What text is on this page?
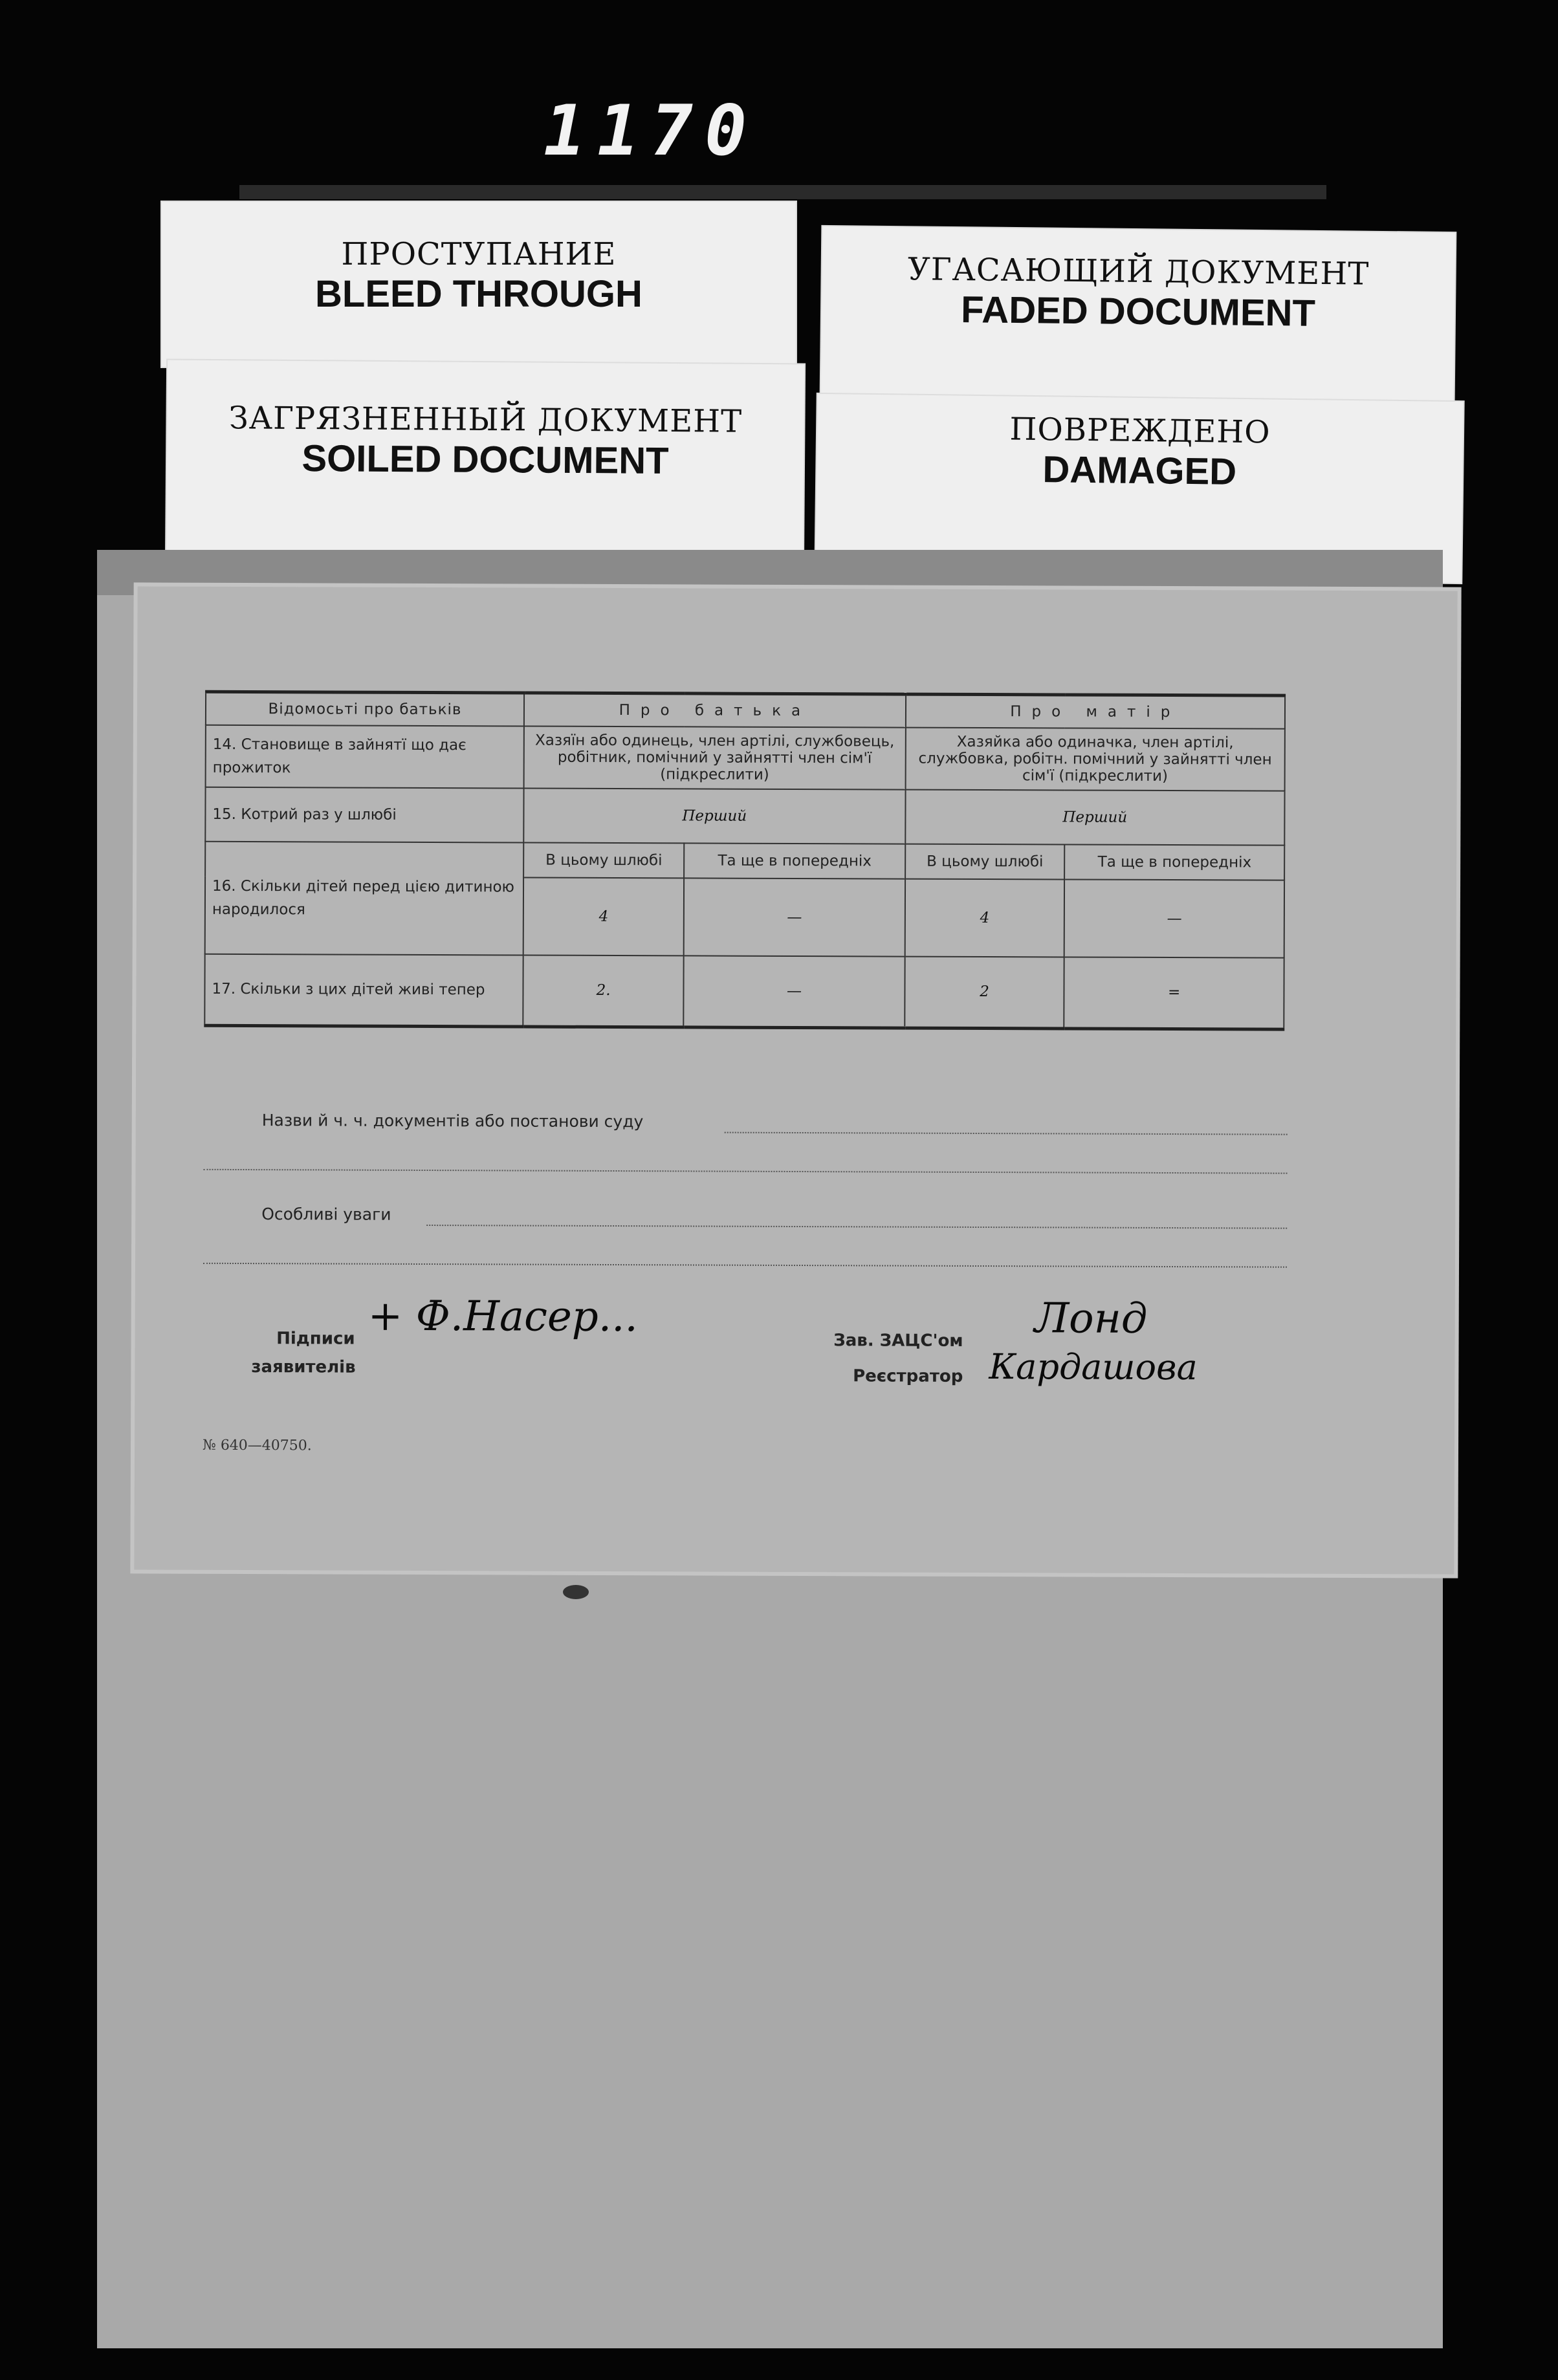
1170
ПРОСТУПАНИЕ
BLEED THROUGH
УГАСАЮЩИЙ ДОКУМЕНТ
FADED DOCUMENT
ЗАГРЯЗНЕННЫЙ ДОКУМЕНТ
SOILED DOCUMENT
ПОВРЕЖДЕНО
DAMAGED
Відомосьті про батьків	Про батька		Про матір	
14. Становище в зайнятї що дає прожиток	Хазяїн або одинець, член артілі, службовець, робітник, помічний у зайнятті член сім'ї (підкреслити)		Хазяйка або одиначка, член артілі, службовка, робітн. помічний у зайнятті член сім'ї (підкреслити)	
15. Котрий раз у шлюбі	Перший		Перший	
16. Скільки дітей перед цією дитиною народилося	В цьому шлюбі	Та ще в попередніх	В цьому шлюбі	Та ще в попередніх
	4	—	4	—
17. Скільки з цих дітей живі тепер	2.	—	2	=
Назви й ч. ч. документів або постанови суду
Особливі уваги
Підписи
заявителів
+ Ф.Насер...	Зав. ЗАЦС'ом Лонд
Реєстратор Кардашова
№ 640—40750.
